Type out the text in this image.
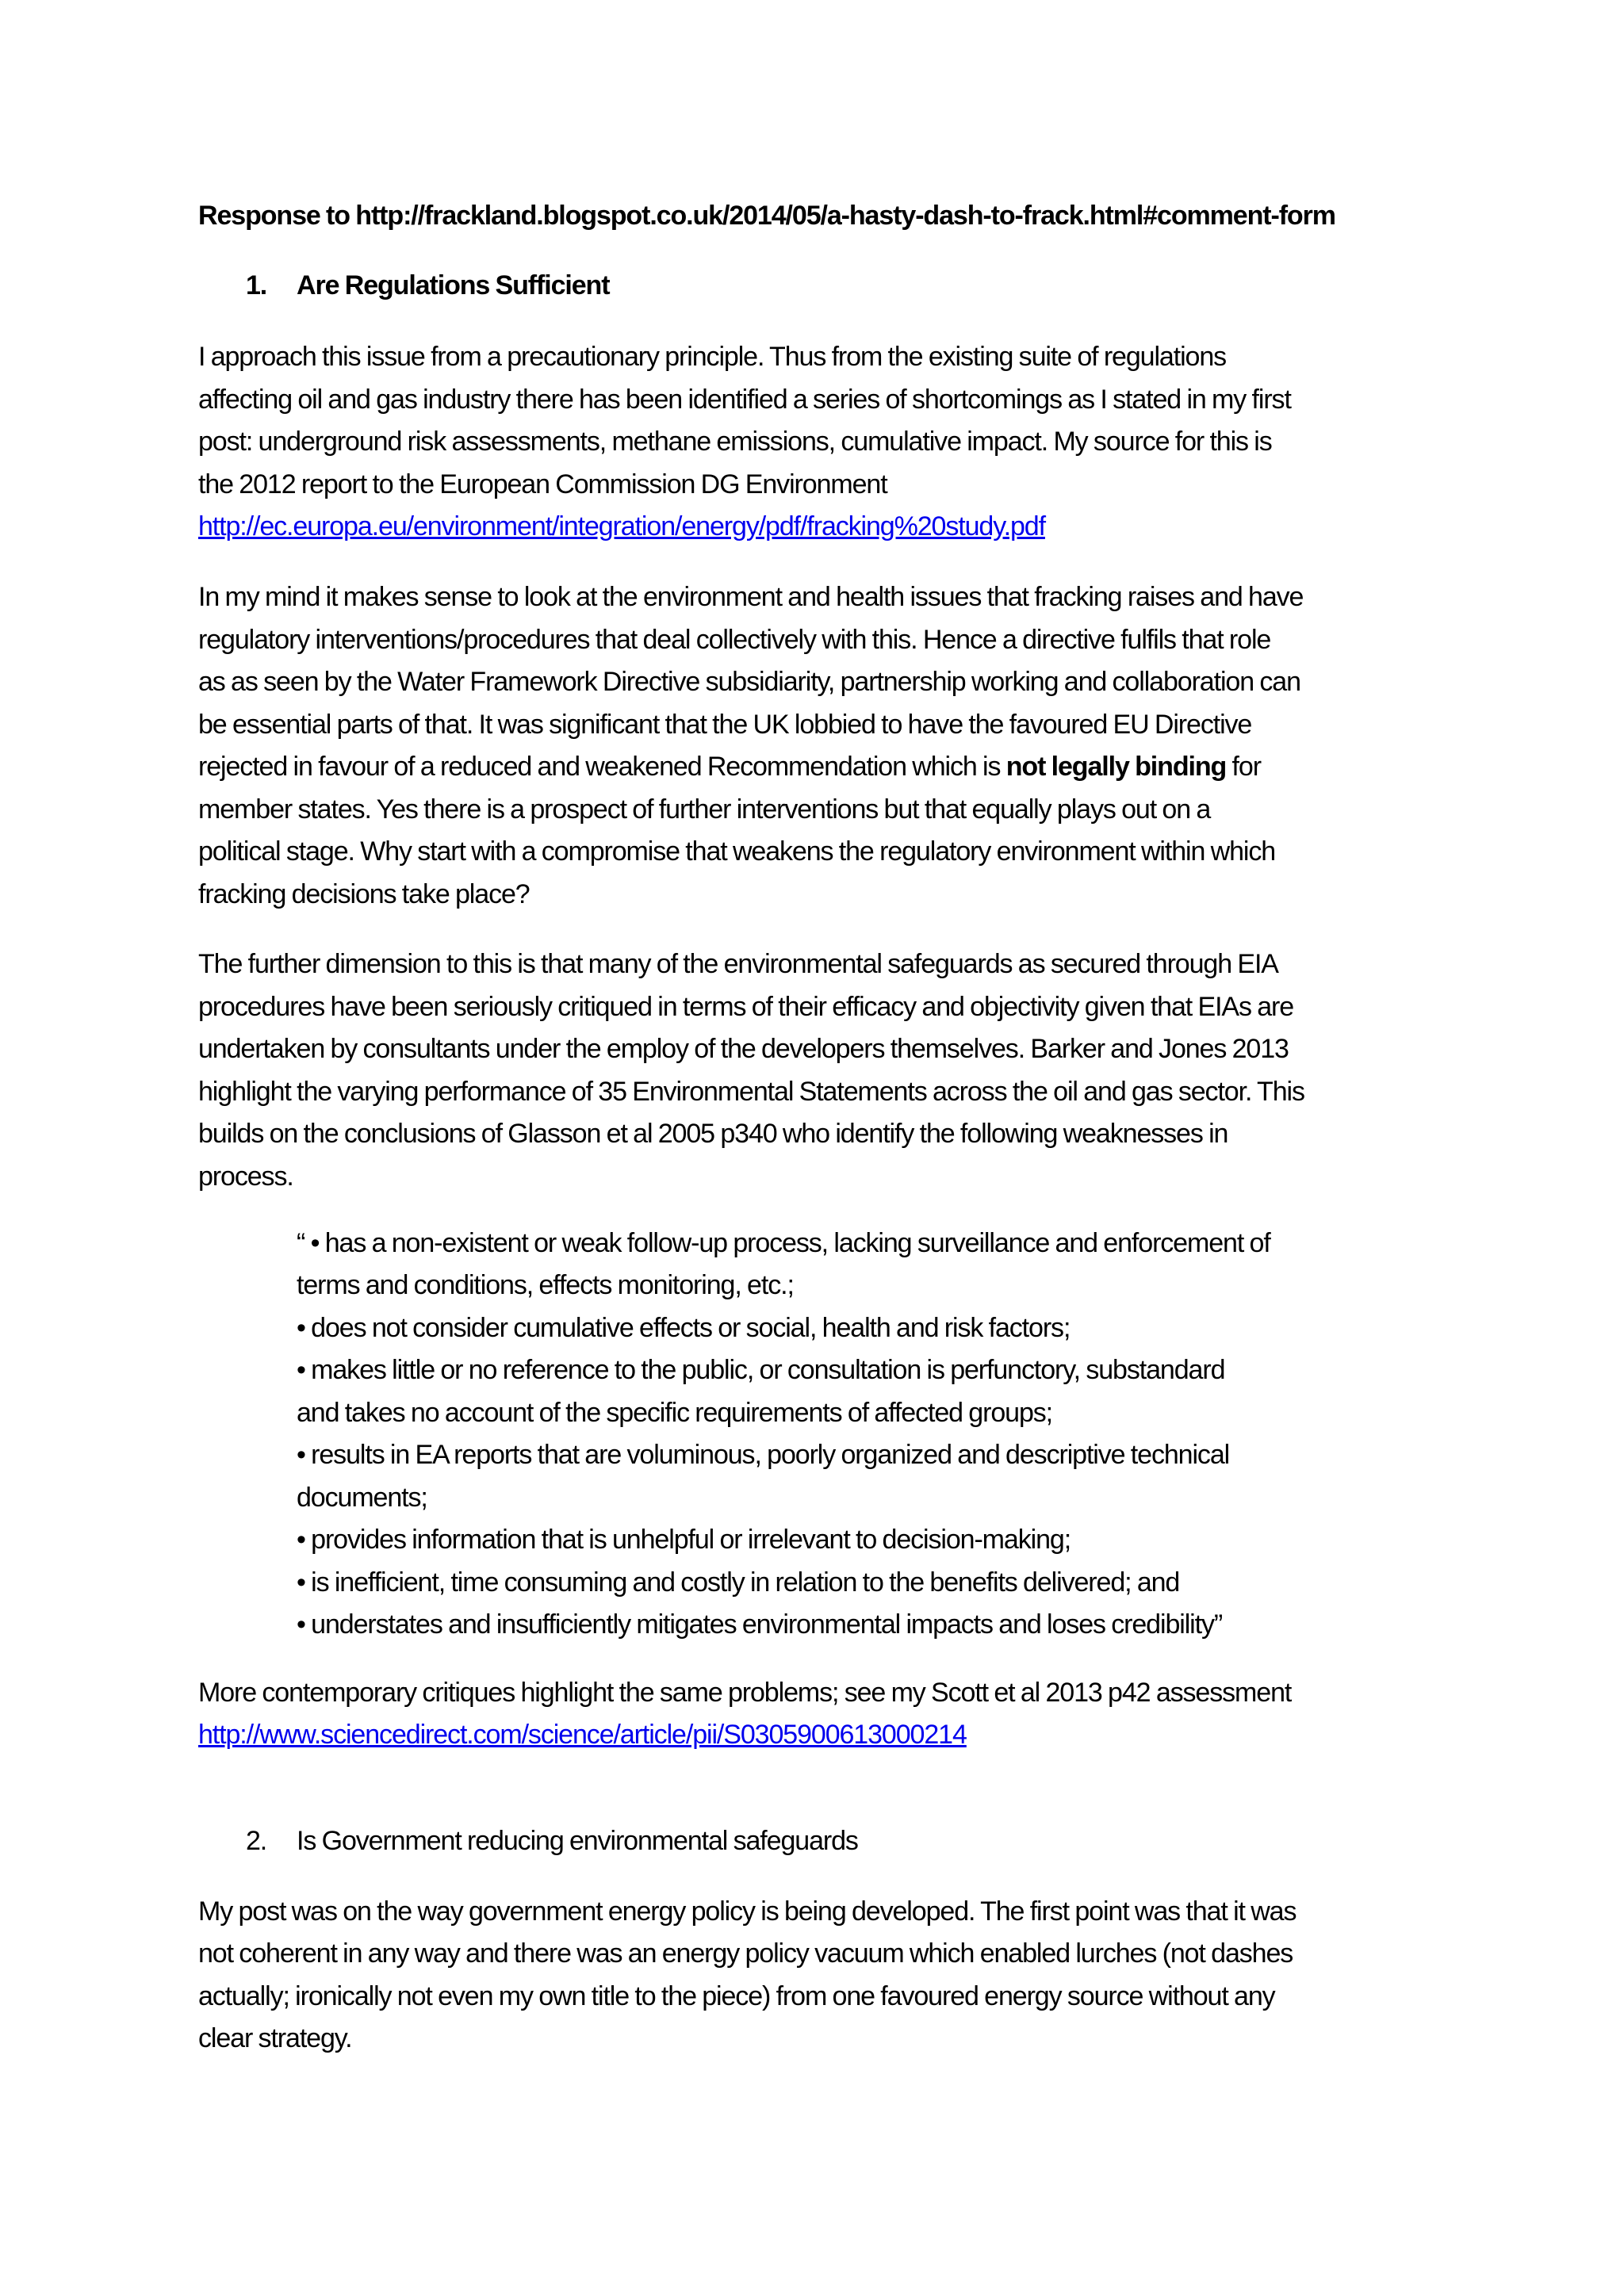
Response to http://frackland.blogspot.co.uk/2014/05/a-hasty-dash-to-frack.html#comment-form
1. Are Regulations Sufficient
I approach this issue from a precautionary principle. Thus from the existing suite of regulations
affecting oil and gas industry there has been identified a series of shortcomings as I stated in my first
post: underground risk assessments, methane emissions, cumulative impact. My source for this is
the 2012 report to the European Commission DG Environment
http://ec.europa.eu/environment/integration/energy/pdf/fracking%20study.pdf
In my mind it makes sense to look at the environment and health issues that fracking raises and have
regulatory interventions/procedures that deal collectively with this. Hence a directive fulfils that role
as as seen by the Water Framework Directive subsidiarity, partnership working and collaboration can
be essential parts of that. It was significant that the UK lobbied to have the favoured EU Directive
rejected in favour of a reduced and weakened Recommendation which is not legally binding for
member states. Yes there is a prospect of further interventions but that equally plays out on a
political stage. Why start with a compromise that weakens the regulatory environment within which
fracking decisions take place?
The further dimension to this is that many of the environmental safeguards as secured through EIA
procedures have been seriously critiqued in terms of their efficacy and objectivity given that EIAs are
undertaken by consultants under the employ of the developers themselves. Barker and Jones 2013
highlight the varying performance of 35 Environmental Statements across the oil and gas sector. This
builds on the conclusions of Glasson et al 2005 p340 who identify the following weaknesses in
process.
“ • has a non-existent or weak follow-up process, lacking surveillance and enforcement of
terms and conditions, effects monitoring, etc.;
• does not consider cumulative effects or social, health and risk factors;
• makes little or no reference to the public, or consultation is perfunctory, substandard
and takes no account of the specific requirements of affected groups;
• results in EA reports that are voluminous, poorly organized and descriptive technical
documents;
• provides information that is unhelpful or irrelevant to decision-making;
• is inefficient, time consuming and costly in relation to the benefits delivered; and
• understates and insufficiently mitigates environmental impacts and loses credibility”
More contemporary critiques highlight the same problems; see my Scott et al 2013 p42 assessment
http://www.sciencedirect.com/science/article/pii/S0305900613000214
2. Is Government reducing environmental safeguards
My post was on the way government energy policy is being developed. The first point was that it was
not coherent in any way and there was an energy policy vacuum which enabled lurches (not dashes
actually; ironically not even my own title to the piece) from one favoured energy source without any
clear strategy.
